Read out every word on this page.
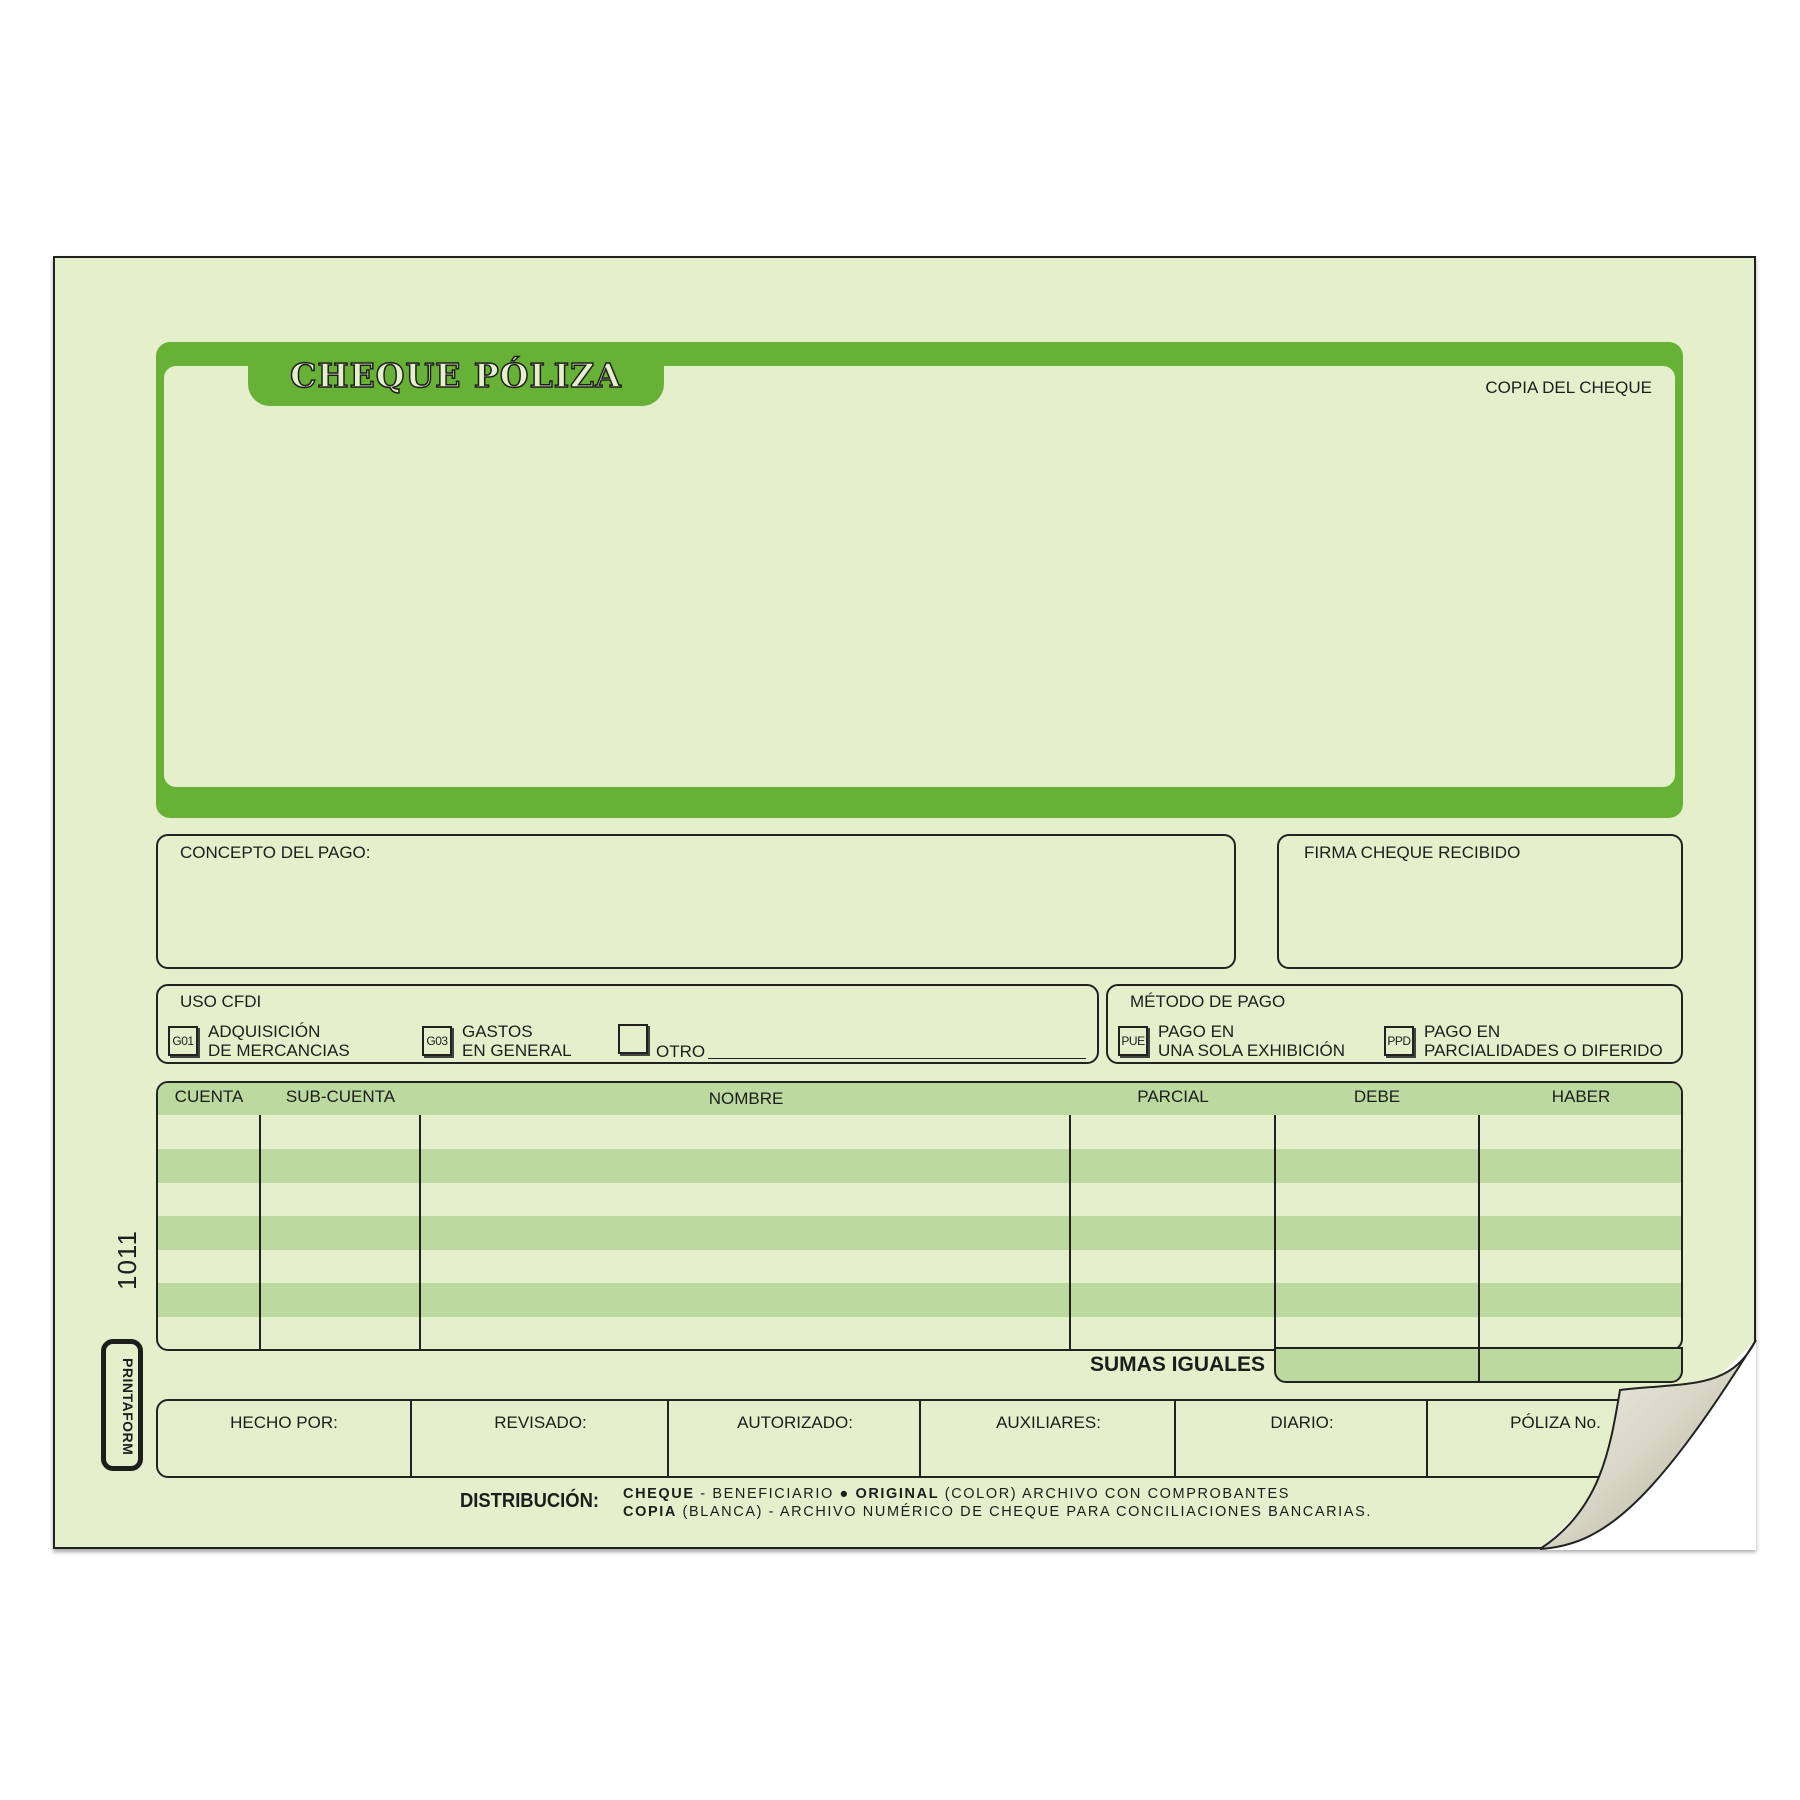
CHEQUE PÓLIZA	COPIA DEL CHEQUE
CONCEPTO DEL PAGO:	FIRMA CHEQUE RECIBIDO
USO CFDI
G01 ADQUISICIÓN
DE MERCANCIAS	G03 GASTOS
EN GENERAL	OTRO
MÉTODO DE PAGO
PUE PAGO EN
UNA SOLA EXHIBICIÓN	PPD PAGO EN
PARCIALIDADES O DIFERIDO
CUENTA	SUB-CUENTA	NOMBRE	PARCIAL	DEBE	HABER
SUMAS IGUALES
HECHO POR:	REVISADO:	AUTORIZADO:	AUXILIARES:	DIARIO:	PÓLIZA No.
DISTRIBUCIÓN: CHEQUE - BENEFICIARIO ● ORIGINAL (COLOR) ARCHIVO CON COMPROBANTES
COPIA (BLANCA) - ARCHIVO NUMÉRICO DE CHEQUE PARA CONCILIACIONES BANCARIAS.
1011
PRINTAFORM
